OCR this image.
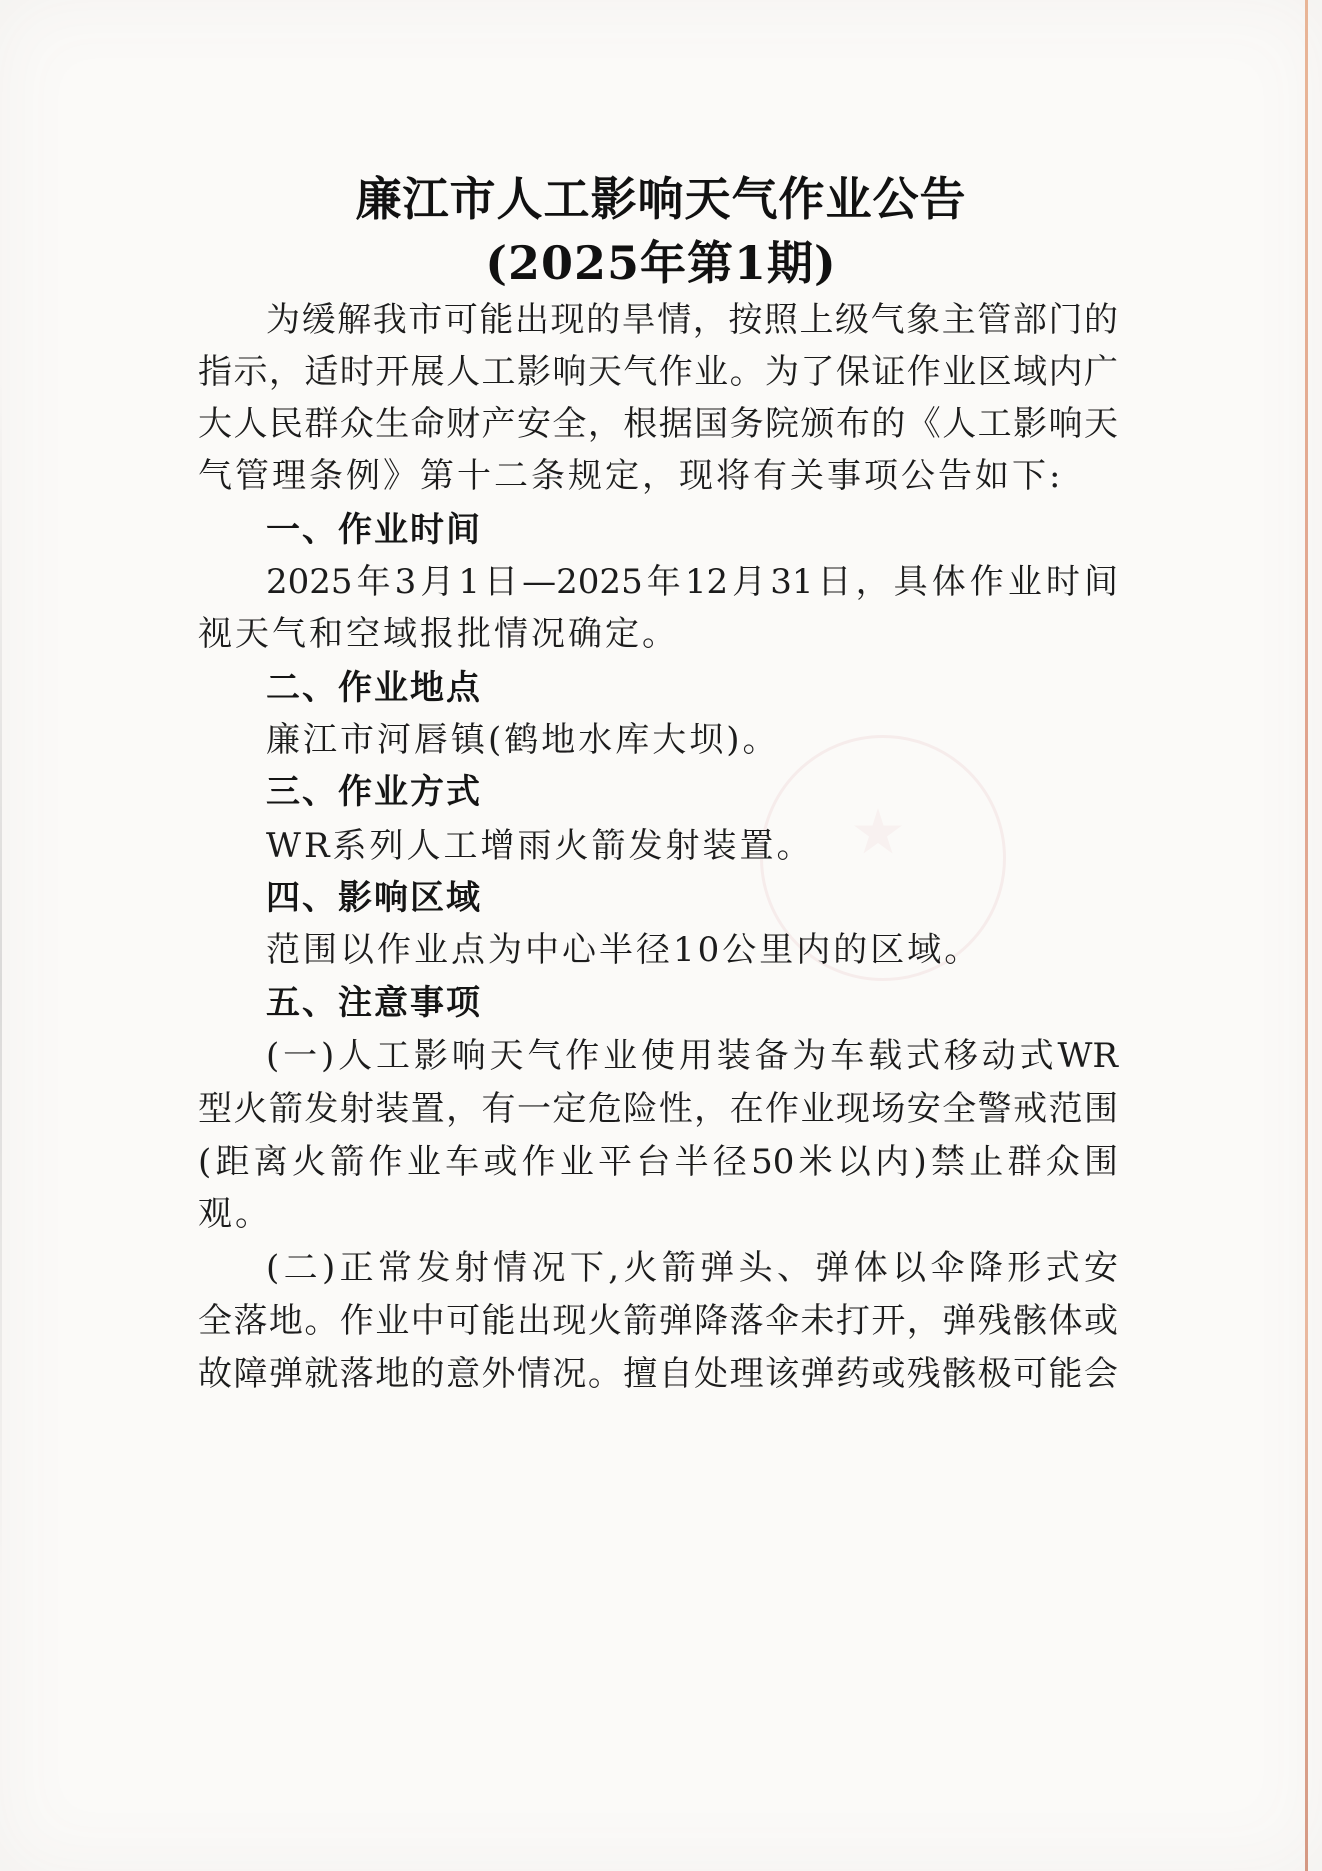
廉江市人工影响天气作业公告
(2025年第1期)

为缓解我市可能出现的旱情，按照上级气象主管部门的

指示，适时开展人工影响天气作业。为了保证作业区域内广

大人民群众生命财产安全，根据国务院颁布的《人工影响天

气管理条例》第十二条规定，现将有关事项公告如下:

一、作业时间

2025年3月1日—2025年12月31日，具体作业时间

视天气和空域报批情况确定。

二、作业地点

廉江市河唇镇(鹤地水库大坝)。

三、作业方式

WR系列人工增雨火箭发射装置。

四、影响区域

范围以作业点为中心半径10公里内的区域。

五、注意事项

(一)人工影响天气作业使用装备为车载式移动式WR

型火箭发射装置，有一定危险性，在作业现场安全警戒范围

(距离火箭作业车或作业平台半径50米以内)禁止群众围

观。

(二)正常发射情况下,火箭弹头、弹体以伞降形式安

全落地。作业中可能出现火箭弹降落伞未打开，弹残骸体或

故障弹就落地的意外情况。擅自处理该弹药或残骸极可能会
